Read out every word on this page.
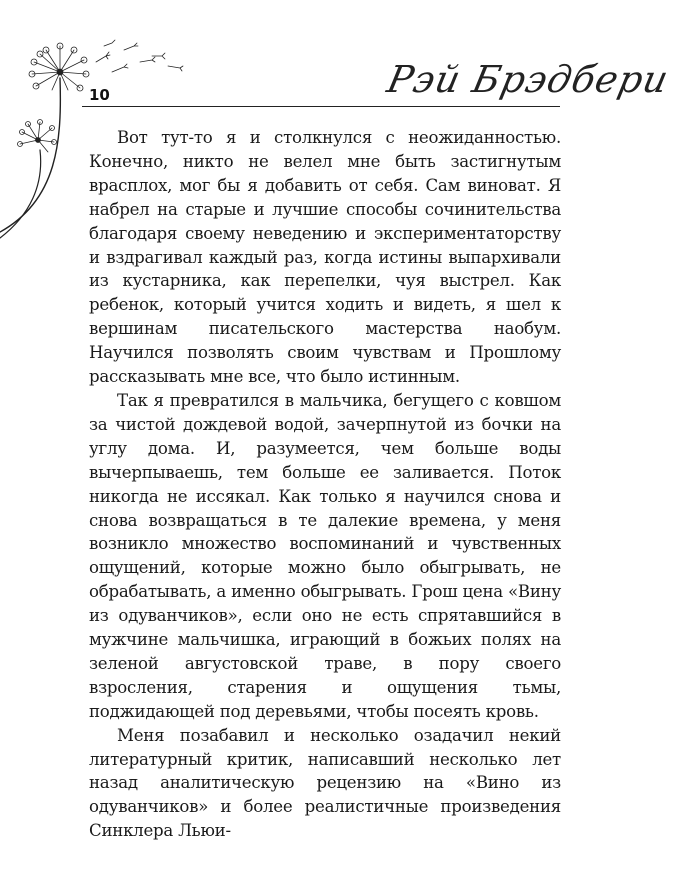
10	Рэй Брэдбери

Вот тут-то я и столкнулся с неожиданностью. Конечно, никто не велел мне быть застигнутым врасплох, мог бы я добавить от себя. Сам виноват. Я набрел на старые и лучшие способы сочинительства благодаря своему неведению и экспериментаторству и вздрагивал каждый раз, когда истины выпархивали из кустарника, как перепелки, чуя выстрел. Как ребенок, который учится ходить и видеть, я шел к вершинам писательского мастерства наобум. Научился позволять своим чувствам и Прошлому рассказывать мне все, что было истинным.

Так я превратился в мальчика, бегущего с ковшом за чистой дождевой водой, зачерпнутой из бочки на углу дома. И, разумеется, чем больше воды вычерпываешь, тем больше ее заливается. Поток никогда не иссякал. Как только я научился снова и снова возвращаться в те далекие времена, у меня возникло множество воспоминаний и чувственных ощущений, которые можно было обыгрывать, не обрабатывать, а именно обыгрывать. Грош цена «Вину из одуванчиков», если оно не есть спрятавшийся в мужчине мальчишка, играющий в божьих полях на зеленой августовской траве, в пору своего взросления, старения и ощущения тьмы, поджидающей под деревьями, чтобы посеять кровь.

Меня позабавил и несколько озадачил некий литературный критик, написавший несколько лет назад аналитическую рецензию на «Вино из одуванчиков» и более реалистичные произведения Синклера Льюи-
